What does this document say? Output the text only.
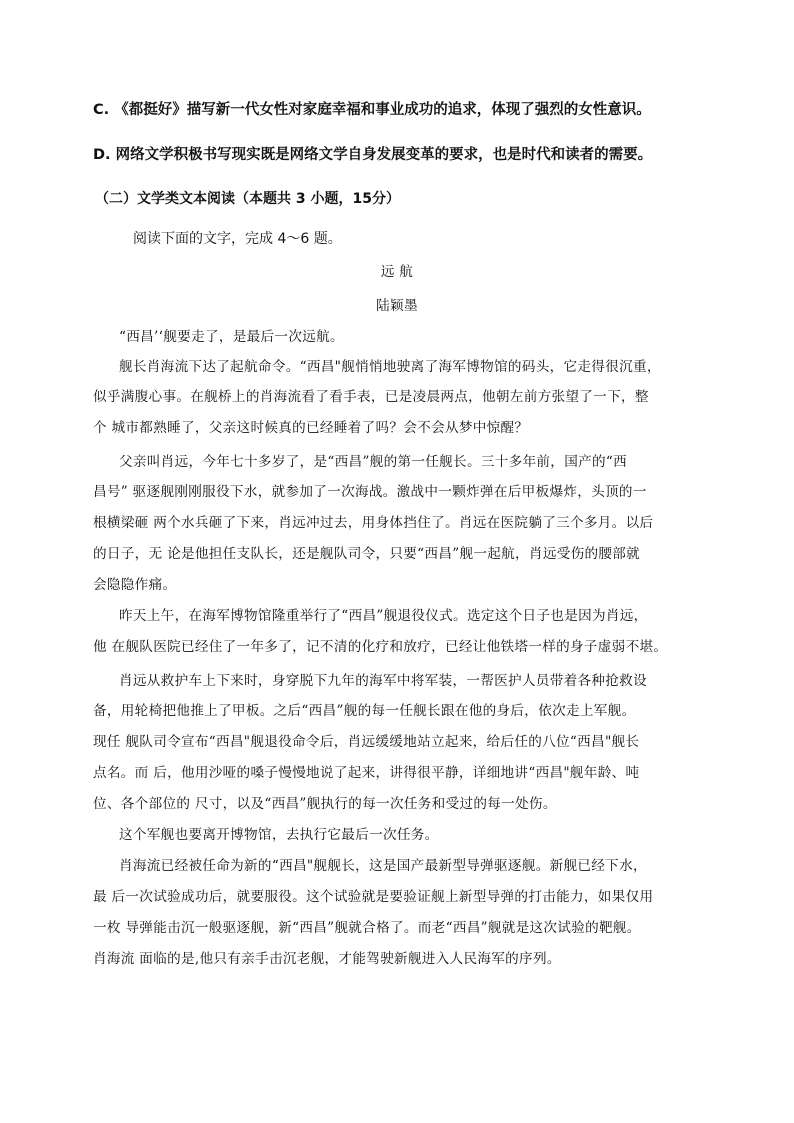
C. 《都挺好》描写新一代女性对家庭幸福和事业成功的追求，体现了强烈的女性意识。
D. 网络文学积极书写现实既是网络文学自身发展变革的要求，也是时代和读者的需要。
（二）文学类文本阅读（本题共 3 小题，15分）
阅读下面的文字，完成 4～6 题。
远 航
陆颖墨
“西昌’‘舰要走了，是最后一次远航。
舰长肖海流下达了起航命令。“西昌"舰悄悄地驶离了海军博物馆的码头，它走得很沉重，
似乎满腹心事。在舰桥上的肖海流看了看手表，已是凌晨两点，他朝左前方张望了一下，整
个 城市都熟睡了，父亲这时候真的已经睡着了吗？会不会从梦中惊醒？
父亲叫肖远，今年七十多岁了，是“西昌”舰的第一任舰长。三十多年前，国产的“西
昌号” 驱逐舰刚刚服役下水，就参加了一次海战。激战中一颗炸弹在后甲板爆炸，头顶的一
根横梁砸 两个水兵砸了下来，肖远冲过去，用身体挡住了。肖远在医院躺了三个多月。以后
的日子，无 论是他担任支队长，还是舰队司令，只要“西昌”舰一起航，肖远受伤的腰部就
会隐隐作痛。
昨天上午，在海军博物馆隆重举行了“西昌”舰退役仪式。选定这个日子也是因为肖远，
他 在舰队医院已经住了一年多了，记不清的化疗和放疗，已经让他铁塔一样的身子虚弱不堪。
肖远从救护车上下来时，身穿脱下九年的海军中将军装，一帮医护人员带着各种抢救设
备，用轮椅把他推上了甲板。之后“西昌”舰的每一任舰长跟在他的身后，依次走上军舰。
现任 舰队司令宣布“西昌"舰退役命令后，肖远缓缓地站立起来，给后任的八位“西昌"舰长
点名。而 后，他用沙哑的嗓子慢慢地说了起来，讲得很平静，详细地讲“西昌"舰年龄、吨
位、各个部位的 尺寸，以及“西昌”舰执行的每一次任务和受过的每一处伤。
这个军舰也要离开博物馆，去执行它最后一次任务。
肖海流已经被任命为新的“西昌"舰舰长，这是国产最新型导弹驱逐舰。新舰已经下水，
最 后一次试验成功后，就要服役。这个试验就是要验证舰上新型导弹的打击能力，如果仅用
一枚 导弹能击沉一般驱逐舰，新“西昌”舰就合格了。而老“西昌”舰就是这次试验的靶舰。
肖海流 面临的是,他只有亲手击沉老舰，才能驾驶新舰进入人民海军的序列。
